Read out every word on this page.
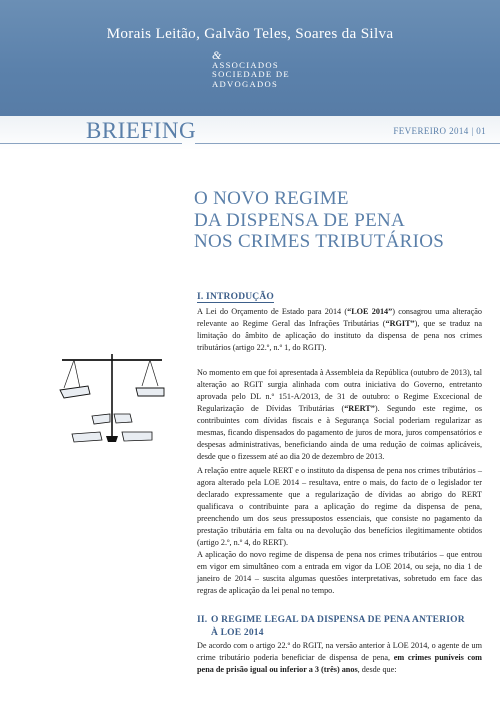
Morais Leitão, Galvão Teles, Soares da Silva
&
ASSOCIADOS
SOCIEDADE DE
ADVOGADOS
BRIEFING	FEVEREIRO 2014 | 01
O NOVO REGIME
DA DISPENSA DE PENA
NOS CRIMES TRIBUTÁRIOS
I. INTRODUÇÃO

A Lei do Orçamento de Estado para 2014 (“LOE 2014”) consagrou uma alteração relevante ao Regime Geral das Infrações Tributárias (“RGIT”), que se traduz na limitação do âmbito de aplicação do instituto da dispensa de pena nos crimes tributários (artigo 22.º, n.º 1, do RGIT).

No momento em que foi apresentada à Assembleia da República (outubro de 2013), tal alteração ao RGIT surgia alinhada com outra iniciativa do Governo, entretanto aprovada pelo DL n.º 151-A/2013, de 31 de outubro: o Regime Excecional de Regularização de Dívidas Tributárias (“RERT”). Segundo este regime, os contribuintes com dívidas fiscais e à Segurança Social poderiam regularizar as mesmas, ficando dispensados do pagamento de juros de mora, juros compensatórios e despesas administrativas, beneficiando ainda de uma redução de coimas aplicáveis, desde que o fizessem até ao dia 20 de dezembro de 2013.

A relação entre aquele RERT e o instituto da dispensa de pena nos crimes tributários – agora alterado pela LOE 2014 – resultava, entre o mais, do facto de o legislador ter declarado expressamente que a regularização de dívidas ao abrigo do RERT qualificava o contribuinte para a aplicação do regime da dispensa de pena, preenchendo um dos seus pressupostos essenciais, que consiste no pagamento da prestação tributária em falta ou na devolução dos benefícios ilegitimamente obtidos (artigo 2.º, n.º 4, do RERT).

A aplicação do novo regime de dispensa de pena nos crimes tributários – que entrou em vigor em simultâneo com a entrada em vigor da LOE 2014, ou seja, no dia 1 de janeiro de 2014 – suscita algumas questões interpretativas, sobretudo em face das regras de aplicação da lei penal no tempo.

II. O REGIME LEGAL DA DISPENSA DE PENA ANTERIOR
À LOE 2014

De acordo com o artigo 22.º do RGIT, na versão anterior à LOE 2014, o agente de um crime tributário poderia beneficiar de dispensa de pena, em crimes puníveis com pena de prisão igual ou inferior a 3 (três) anos, desde que:
